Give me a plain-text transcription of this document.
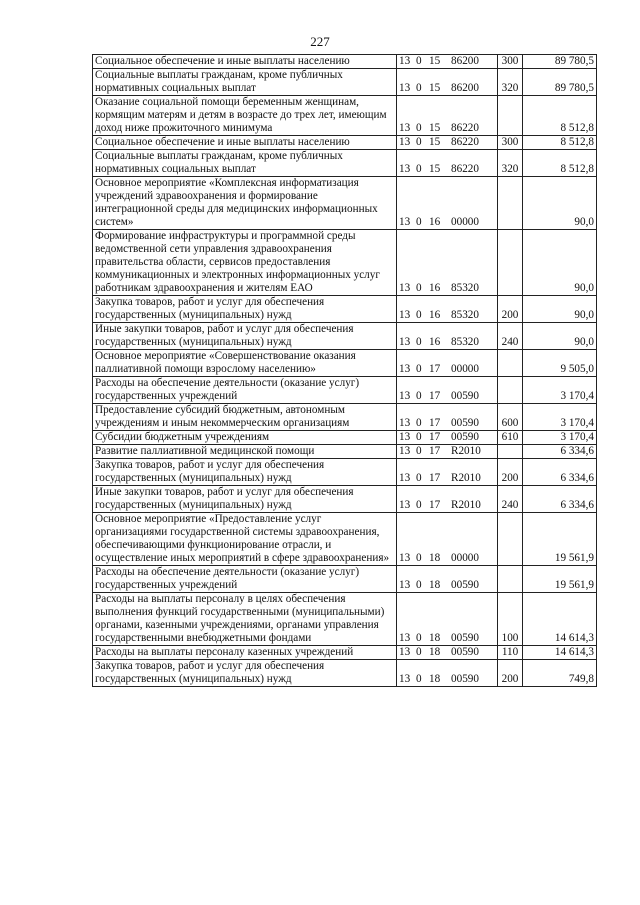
227
Социальное обеспечение и иные выплаты населению	13 0 15 86200	300	89 780,5
Социальные выплаты гражданам, кроме публичных нормативных социальных выплат	13 0 15 86200	320	89 780,5
Оказание социальной помощи беременным женщинам, кормящим матерям и детям в возрасте до трех лет, имеющим доход ниже прожиточного минимума	13 0 15 86220		8 512,8
Социальное обеспечение и иные выплаты населению	13 0 15 86220	300	8 512,8
Социальные выплаты гражданам, кроме публичных нормативных социальных выплат	13 0 15 86220	320	8 512,8
Основное мероприятие «Комплексная информатизация учреждений здравоохранения и формирование интеграционной среды для медицинских информационных систем»	13 0 16 00000		90,0
Формирование инфраструктуры и программной среды ведомственной сети управления здравоохранения правительства области, сервисов предоставления коммуникационных и электронных информационных услуг работникам здравоохранения и жителям ЕАО	13 0 16 85320		90,0
Закупка товаров, работ и услуг для обеспечения государственных (муниципальных) нужд	13 0 16 85320	200	90,0
Иные закупки товаров, работ и услуг для обеспечения государственных (муниципальных) нужд	13 0 16 85320	240	90,0
Основное мероприятие «Совершенствование оказания паллиативной помощи взрослому населению»	13 0 17 00000		9 505,0
Расходы на обеспечение деятельности (оказание услуг) государственных учреждений	13 0 17 00590		3 170,4
Предоставление субсидий бюджетным, автономным учреждениям и иным некоммерческим организациям	13 0 17 00590	600	3 170,4
Субсидии бюджетным учреждениям	13 0 17 00590	610	3 170,4
Развитие паллиативной медицинской помощи	13 0 17 R2010		6 334,6
Закупка товаров, работ и услуг для обеспечения государственных (муниципальных) нужд	13 0 17 R2010	200	6 334,6
Иные закупки товаров, работ и услуг для обеспечения государственных (муниципальных) нужд	13 0 17 R2010	240	6 334,6
Основное мероприятие «Предоставление услуг организациями государственной системы здравоохранения, обеспечивающими функционирование отрасли, и осуществление иных мероприятий в сфере здравоохранения»	13 0 18 00000		19 561,9
Расходы на обеспечение деятельности (оказание услуг) государственных учреждений	13 0 18 00590		19 561,9
Расходы на выплаты персоналу в целях обеспечения выполнения функций государственными (муниципальными) органами, казенными учреждениями, органами управления государственными внебюджетными фондами	13 0 18 00590	100	14 614,3
Расходы на выплаты персоналу казенных учреждений	13 0 18 00590	110	14 614,3
Закупка товаров, работ и услуг для обеспечения государственных (муниципальных) нужд	13 0 18 00590	200	749,8
